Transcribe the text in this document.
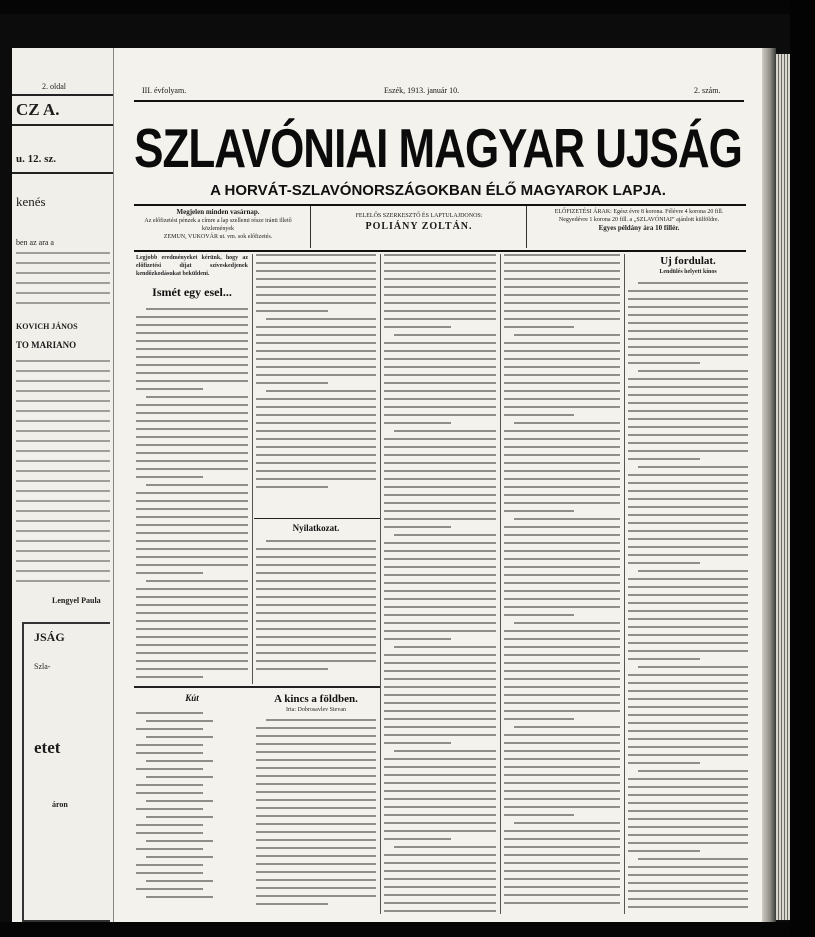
2. oldal
CZ A.
u. 12. sz.
kenés
ben az ara a
KOVICH JÁNOS
TO MARIANO
Lengyel Paula
JSÁG
Szla-
etet
áron
III. évfolyam.	Eszék, 1913. január 10.	2. szám.
SZLAVÓNIAI MAGYAR UJSÁG
A HORVÁT-SZLAVÓNORSZÁGOKBAN ÉLŐ MAGYAROK LAPJA.
Megjelen minden vasárnap.
Az előfizetési pénzek a címre a lap szellemi része iránti illető közlemények
ZEMUN, VUKOVÁR ut. vm. sok előfizetés.
FELELŐS SZERKESZTŐ ÉS LAPTULAJDONOS:
POLIÁNY ZOLTÁN.
ELŐFIZETÉSI ÁRAK: Egész évre 8 korona. Félévre 4 korona 20 fill.
Negyedévre 1 korona 20 fill. a „SZLAVÓNIAI” ajánlott külföldre.
Egyes példány ára 10 fillér.
Legjobb eredményeket kérünk, hogy az előfizetési díjat szíveskedjenek kendőzkodásukat beküldeni.
Ismét egy esel...
Nyilatkozat.
Kút	A kincs a földben.
Irta: Dobrosavlev Stevan
Uj fordulat.
Lendülés helyett kínos
